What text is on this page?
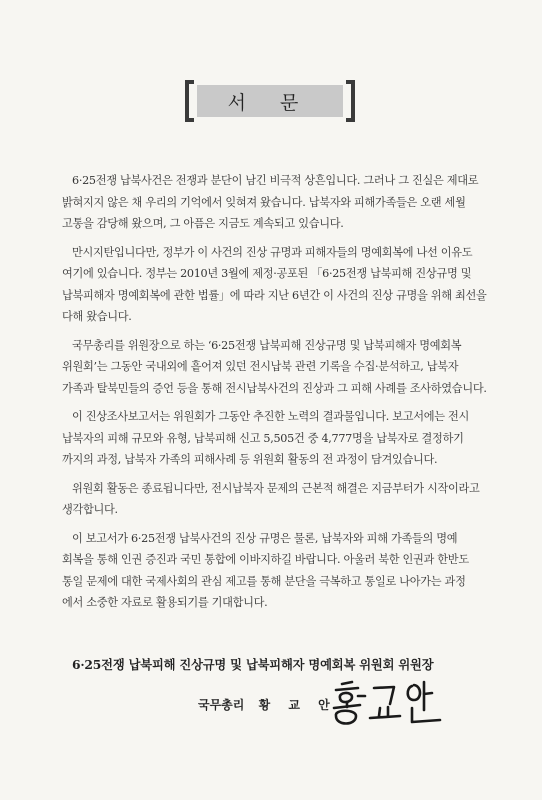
서 문

6·25전쟁 납북사건은 전쟁과 분단이 남긴 비극적 상흔입니다. 그러나 그 진실은 제대로
밝혀지지 않은 채 우리의 기억에서 잊혀져 왔습니다. 납북자와 피해가족들은 오랜 세월
고통을 감당해 왔으며, 그 아픔은 지금도 계속되고 있습니다.

만시지탄입니다만, 정부가 이 사건의 진상 규명과 피해자들의 명예회복에 나선 이유도
여기에 있습니다. 정부는 2010년 3월에 제정·공포된 「6·25전쟁 납북피해 진상규명 및
납북피해자 명예회복에 관한 법률」에 따라 지난 6년간 이 사건의 진상 규명을 위해 최선을
다해 왔습니다.

국무총리를 위원장으로 하는 ‘6·25전쟁 납북피해 진상규명 및 납북피해자 명예회복
위원회’는 그동안 국내외에 흩어져 있던 전시납북 관련 기록을 수집·분석하고, 납북자
가족과 탈북민들의 증언 등을 통해 전시납북사건의 진상과 그 피해 사례를 조사하였습니다.

이 진상조사보고서는 위원회가 그동안 추진한 노력의 결과물입니다. 보고서에는 전시
납북자의 피해 규모와 유형, 납북피해 신고 5,505건 중 4,777명을 납북자로 결정하기
까지의 과정, 납북자 가족의 피해사례 등 위원회 활동의 전 과정이 담겨있습니다.

위원회 활동은 종료됩니다만, 전시납북자 문제의 근본적 해결은 지금부터가 시작이라고
생각합니다.

이 보고서가 6·25전쟁 납북사건의 진상 규명은 물론, 납북자와 피해 가족들의 명예
회복을 통해 인권 증진과 국민 통합에 이바지하길 바랍니다. 아울러 북한 인권과 한반도
통일 문제에 대한 국제사회의 관심 제고를 통해 분단을 극복하고 통일로 나아가는 과정
에서 소중한 자료로 활용되기를 기대합니다.

6·25전쟁 납북피해 진상규명 및 납북피해자 명예회복 위원회 위원장
국무총리 황 교 안
